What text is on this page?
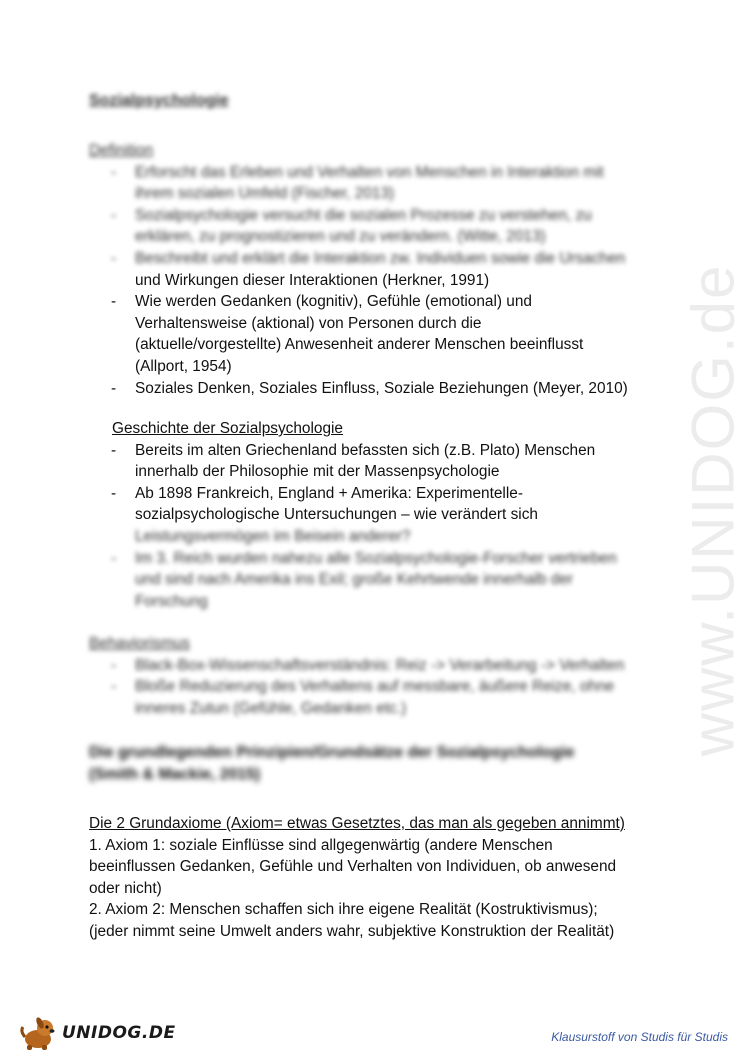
www.UNIDOG.de
Sozialpsychologie
Definition
- Erforscht das Erleben und Verhalten von Menschen in Interaktion mit
ihrem sozialen Umfeld (Fischer, 2013)
- Sozialpsychologie versucht die sozialen Prozesse zu verstehen, zu
erklären, zu prognostizieren und zu verändern. (Witte, 2013)
- Beschreibt und erklärt die Interaktion zw. Individuen sowie die Ursachen
und Wirkungen dieser Interaktionen (Herkner, 1991)
- Wie werden Gedanken (kognitiv), Gefühle (emotional) und
Verhaltensweise (aktional) von Personen durch die
(aktuelle/vorgestellte) Anwesenheit anderer Menschen beeinflusst
(Allport, 1954)
- Soziales Denken, Soziales Einfluss, Soziale Beziehungen (Meyer, 2010)
Geschichte der Sozialpsychologie
- Bereits im alten Griechenland befassten sich (z.B. Plato) Menschen
innerhalb der Philosophie mit der Massenpsychologie
- Ab 1898 Frankreich, England + Amerika: Experimentelle-
sozialpsychologische Untersuchungen – wie verändert sich
Leistungsvermögen im Beisein anderer?
- Im 3. Reich wurden nahezu alle Sozialpsychologie-Forscher vertrieben
und sind nach Amerika ins Exil; große Kehrtwende innerhalb der
Forschung
Behaviorismus
- Black-Box-Wissenschaftsverständnis: Reiz -> Verarbeitung -> Verhalten
- Bloße Reduzierung des Verhaltens auf messbare, äußere Reize, ohne
inneres Zutun (Gefühle, Gedanken etc.)
Die grundlegenden Prinzipien/Grundsätze der Sozialpsychologie
(Smith & Mackie, 2015)
Die 2 Grundaxiome (Axiom= etwas Gesetztes, das man als gegeben annimmt)
1. Axiom 1: soziale Einflüsse sind allgegenwärtig (andere Menschen
beeinflussen Gedanken, Gefühle und Verhalten von Individuen, ob anwesend
oder nicht)
2. Axiom 2: Menschen schaffen sich ihre eigene Realität (Kostruktivismus);
(jeder nimmt seine Umwelt anders wahr, subjektive Konstruktion der Realität)
UNIDOG.DE	Klausurstoff von Studis für Studis
